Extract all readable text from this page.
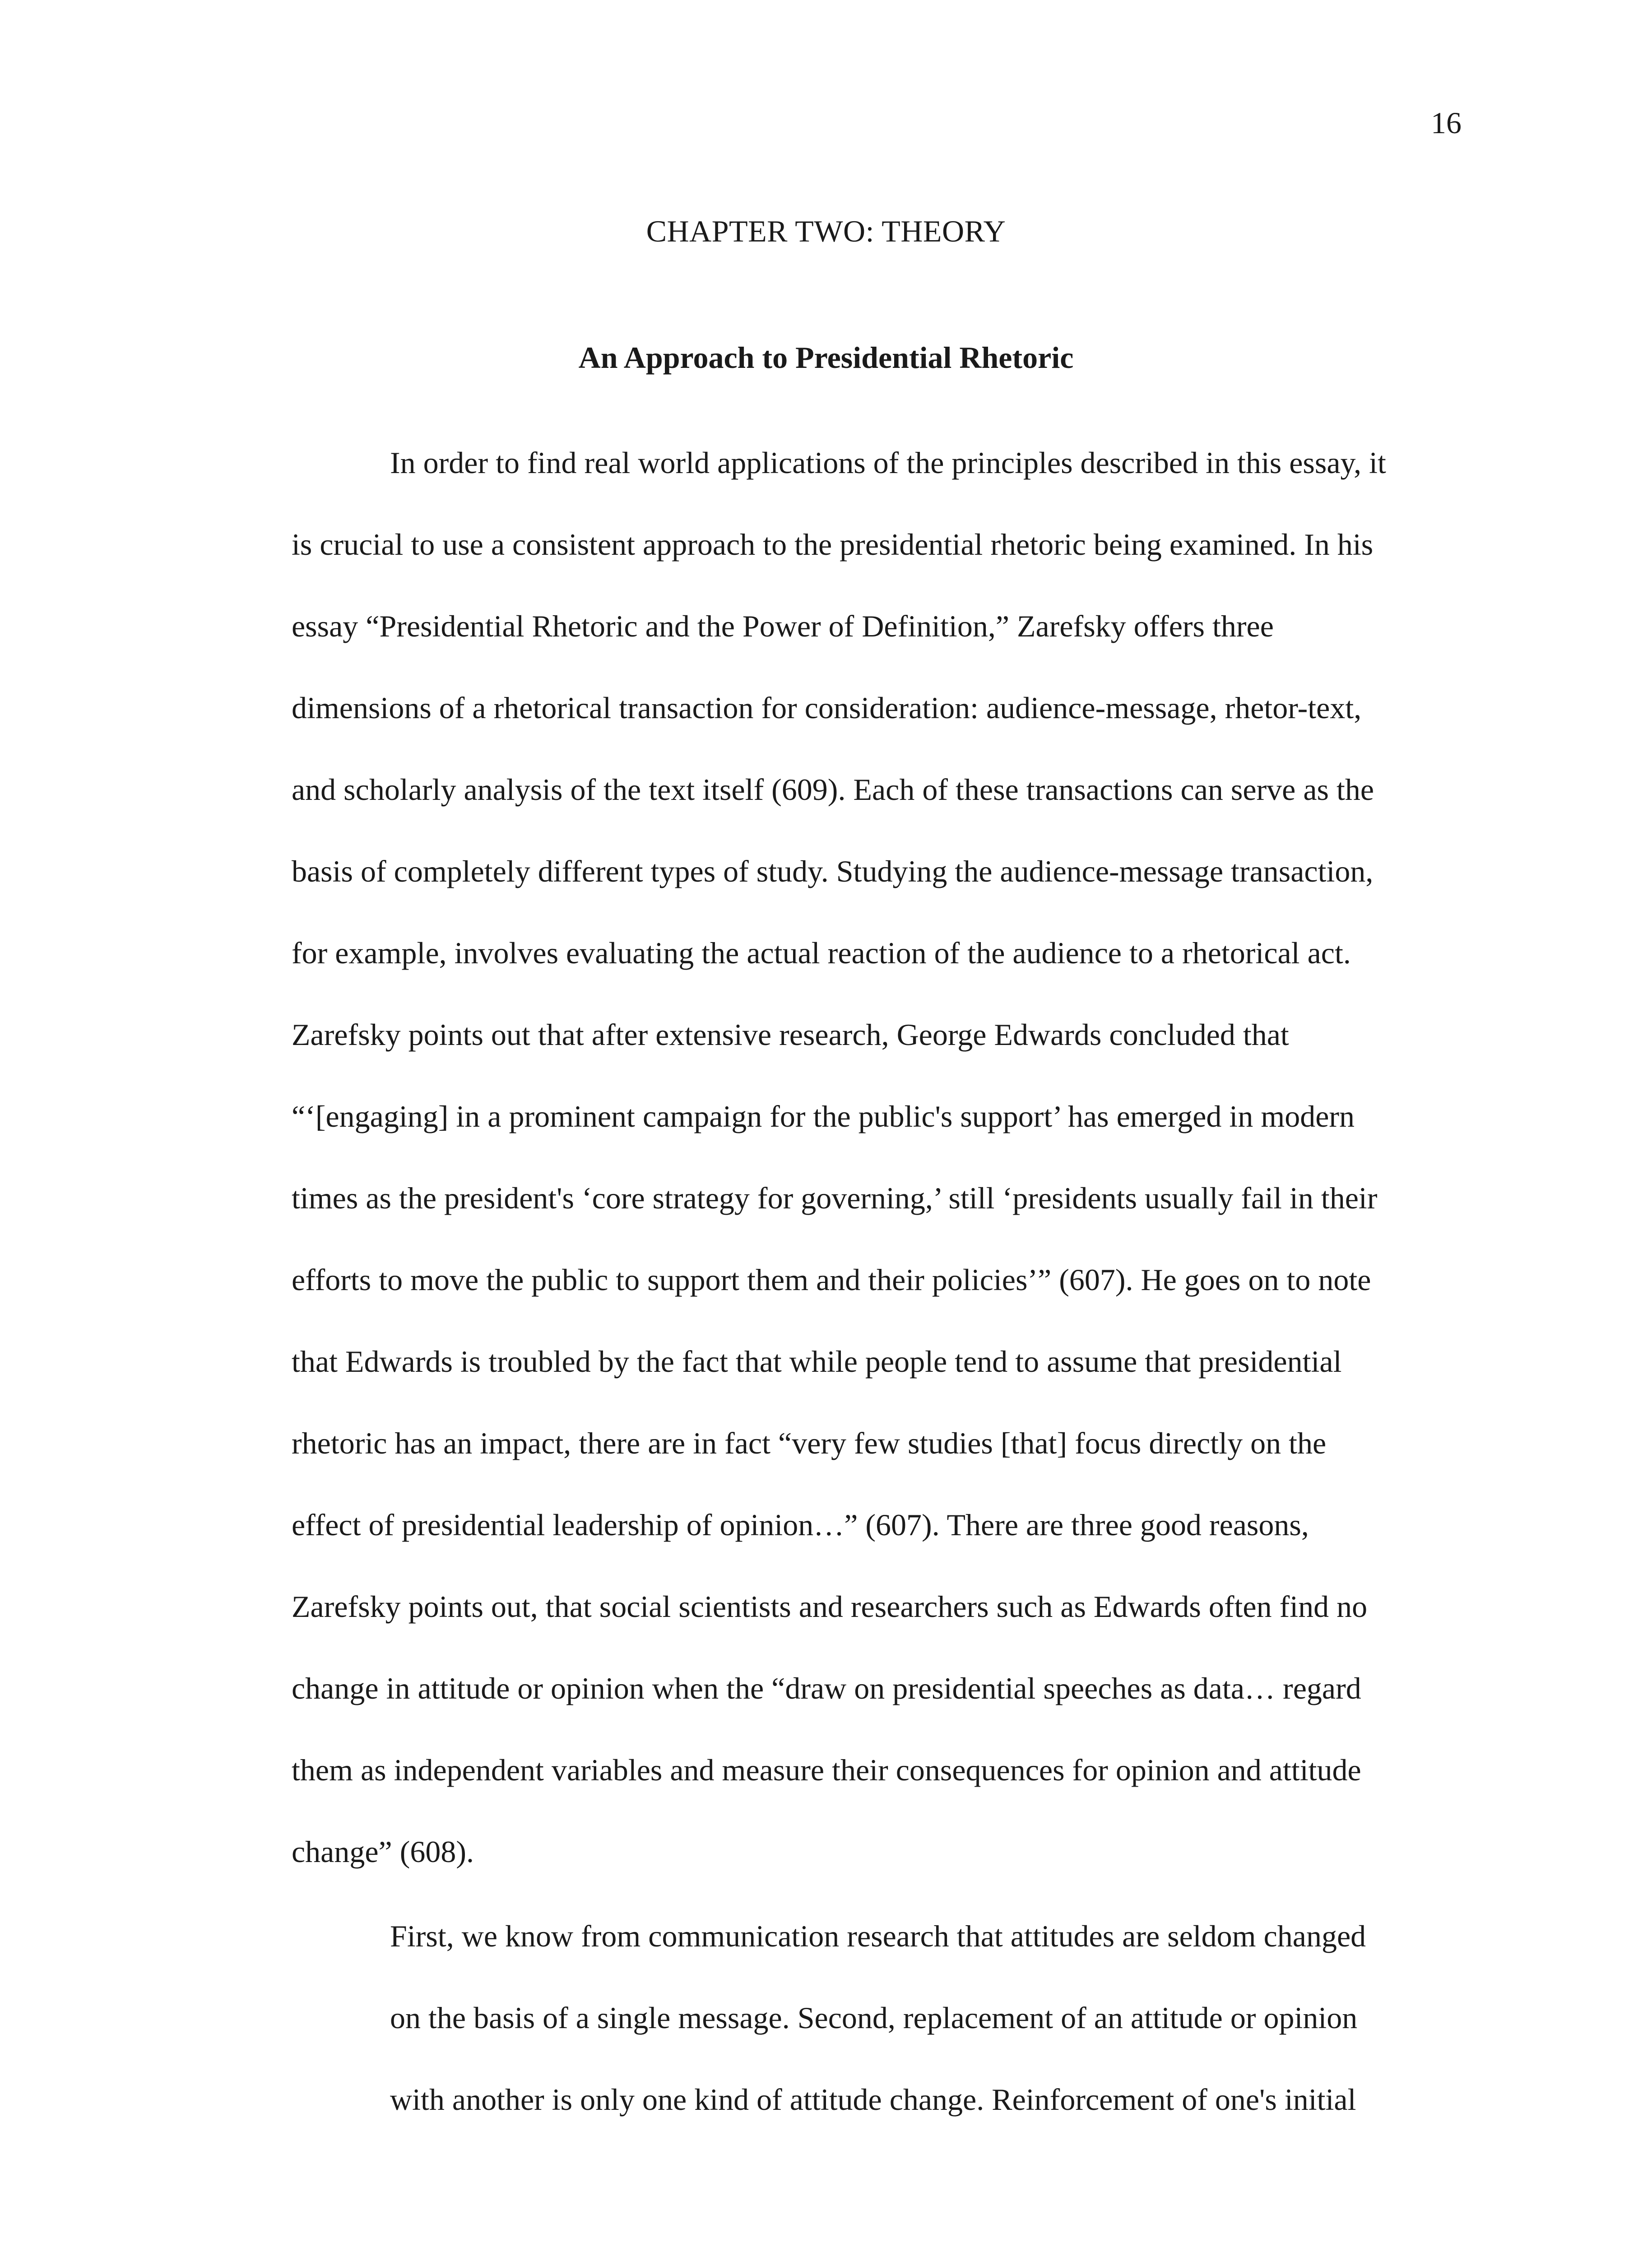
16
CHAPTER TWO: THEORY
An Approach to Presidential Rhetoric
In order to find real world applications of the principles described in this essay, it
is crucial to use a consistent approach to the presidential rhetoric being examined. In his
essay “Presidential Rhetoric and the Power of Definition,” Zarefsky offers three
dimensions of a rhetorical transaction for consideration: audience-message, rhetor-text,
and scholarly analysis of the text itself (609). Each of these transactions can serve as the
basis of completely different types of study. Studying the audience-message transaction,
for example, involves evaluating the actual reaction of the audience to a rhetorical act.
Zarefsky points out that after extensive research, George Edwards concluded that
“‘[engaging] in a prominent campaign for the public's support’ has emerged in modern
times as the president's ‘core strategy for governing,’ still ‘presidents usually fail in their
efforts to move the public to support them and their policies’” (607). He goes on to note
that Edwards is troubled by the fact that while people tend to assume that presidential
rhetoric has an impact, there are in fact “very few studies [that] focus directly on the
effect of presidential leadership of opinion…” (607). There are three good reasons,
Zarefsky points out, that social scientists and researchers such as Edwards often find no
change in attitude or opinion when the “draw on presidential speeches as data… regard
them as independent variables and measure their consequences for opinion and attitude
change” (608).
First, we know from communication research that attitudes are seldom changed
on the basis of a single message. Second, replacement of an attitude or opinion
with another is only one kind of attitude change. Reinforcement of one's initial
